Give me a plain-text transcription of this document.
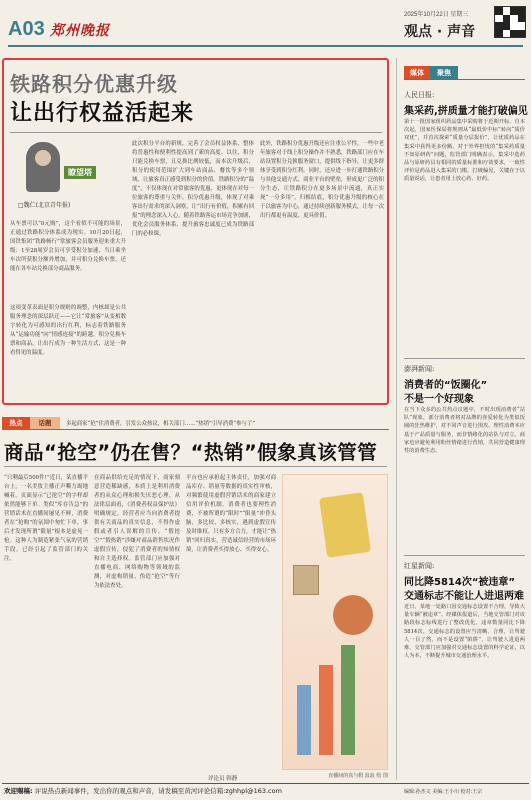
A03 郑州晚报
2025年10月22日 星期三
观点 · 声音
铁路积分优惠升级
让出行权益活起来
瞭望塔
□魏仁(北京青年报)
从车票可以“0元购”，这个看似不可能的场景，正通过铁路积分体系成为现实。10月20日起，国铁集团“铁路畅行”常旅客会员服务迎来重大升级：1至28周岁会员可享受积分加速、当日乘坐车次所获积分额外增加，并可积分兑换车票，还能在各车站兑换部分商品服务。
这项变革表面是积分规则的调整，内核却是公共服务理念的深层跃迁——它让“常旅客”从变相数字转化为可感知的出行红利，标志着铁路服务从“运输功能”向“情感连接”的跨越。积分兑换车票和商品，让出行成为一种生活方式，这是一种看得见的温度。
此次积分平台的新规，完善了会员权益体系，整体将普惠性和便利性提高到了新的高度。以往，积分只能兑换车票，且兑换比例较低，而本次升级后，积分的使用范围扩大到车站商品、餐饮等多个领域，让旅客真正感受到积分的价值。铁路积分的“温度”，不仅体现在对常旅客的优惠，更体现在对每一位旅客的尊重与关怀。积分优惠升级，体现了对乘客出行需求的深入洞察，让“出行有价值，积累有回报”的理念深入人心。随着铁路客运市场竞争加剧，优化会员服务体系、提升旅客忠诚度已成为铁路部门的必修课。
此外，铁路积分优惠升级还应注重公平性。一些中老年旅客对于线上积分操作并不熟悉，铁路部门应在车站设置积分兑换服务窗口，提供线下指导，让更多群体享受到积分红利。同时，还应进一步打通铁路积分与其他交通方式、商业平台的壁垒，形成更广泛的积分生态，让铁路积分在更多场景中流通，真正实现“一分多用”。归根结底，积分优惠升级的核心在于以旅客为中心，通过持续创新服务模式，让每一次出行都更有温度、更具价值。
热点	话题	多起商家“抢”住消费者，引发公众热议，相关部门……“热销”引导消费“参与了”
商品“抢空”仍在售？“热销”假象真该管管
“只剩最后500件!”近日，某直播平台上，一名美妆主播正声嘶力竭地喊着，页面显示“已抢空”的字样却依然能够下单。类似“库存告急”的营销话术在直播间屡见不鲜，消费者在“抢购”的氛围中匆忙下单，事后才发现所谓“限量”根本是虚晃一枪。这种人为制造紧张气氛的营销手段，已经引起了监管部门的关注。
在商品供给充足的情况下，商家刻意营造稀缺感，本质上是利用消费者的从众心理和损失厌恶心理。从法律层面看，《消费者权益保护法》明确规定，经营者应当向消费者提供有关商品的真实信息，不得作虚假或者引人误解的宣传。“假抢空”“假热销”涉嫌对商品销售状况作虚假宣传，侵犯了消费者的知情权和自主选择权。监管部门应加强对直播电商、网络购物等领域的监测，对虚构销量、伪造“抢空”等行为依法查处。
平台也应承担起主体责任，加强对商品库存、销量等数据的真实性审核，对频繁使用虚假营销话术的商家建立信用评价机制。消费者也要理性消费，不被所谓的“限时”“限量”冲昏头脑，多比较、多核实，遇到虚假宣传及时维权。只有多方合力，才能让“热销”回归真实，营造诚信经营的市场环境，让消费者买得放心、买得安心。
直播间的真与假 浪浪 绘 图
评论员 韩静
媒体	聚焦
人民日报:
集采药,拼质量才能打破偏见
第十一批国家组织药品集中采购将于近期开标。自本次起，国家医保局将规则从“最低价中标”转向“质价双优”，并首次探索“质量分层报价”，让优质药品在集采中获得更多份额。对于外界担忧的“集采药质量不如原研药”问题，监管部门明确表示，集采中选药品与原研药具有相同的质量标准和疗效要求，一致性评价是药品进入集采的门槛。打破偏见，关键在于以质量说话，让患者用上放心药、好药。
澎湃新闻:
消费者的“饭圈化”
不是一个好现象
在当下众多的公共热点议题中，不时出现消费者“站队”现象，部分消费者将对品牌的喜爱转化为类似饭圈的狂热维护，对不同声音进行围攻。理性消费本应基于产品质量与服务，而非情绪化的站队与对立。商家也应避免利用粉丝情绪进行营销，共同营造健康理性的消费生态。
红星新闻:
同比降5814次“被违章”
交通标志不能让人进退两难
近日，某地一处路口因交通标志设置不合理，导致大量车辆“被违章”。经媒体报道后，当地交管部门对该路段标志标线进行了整改优化，违章数量同比下降5814次。交通标志的设置应当清晰、合理，让驾驶人一目了然，而不是设置“陷阱”，让驾驶人进退两难。交管部门应加强对交通标志设置的科学论证，以人为本，不断提升城市交通治理水平。
欢迎赐稿: 评说热点新闻事件，发出你的观点和声音，请发稿至黄河评论信箱:zghhpl@163.com	编辑:孙杰文 美编:王小川 校对:王宗
